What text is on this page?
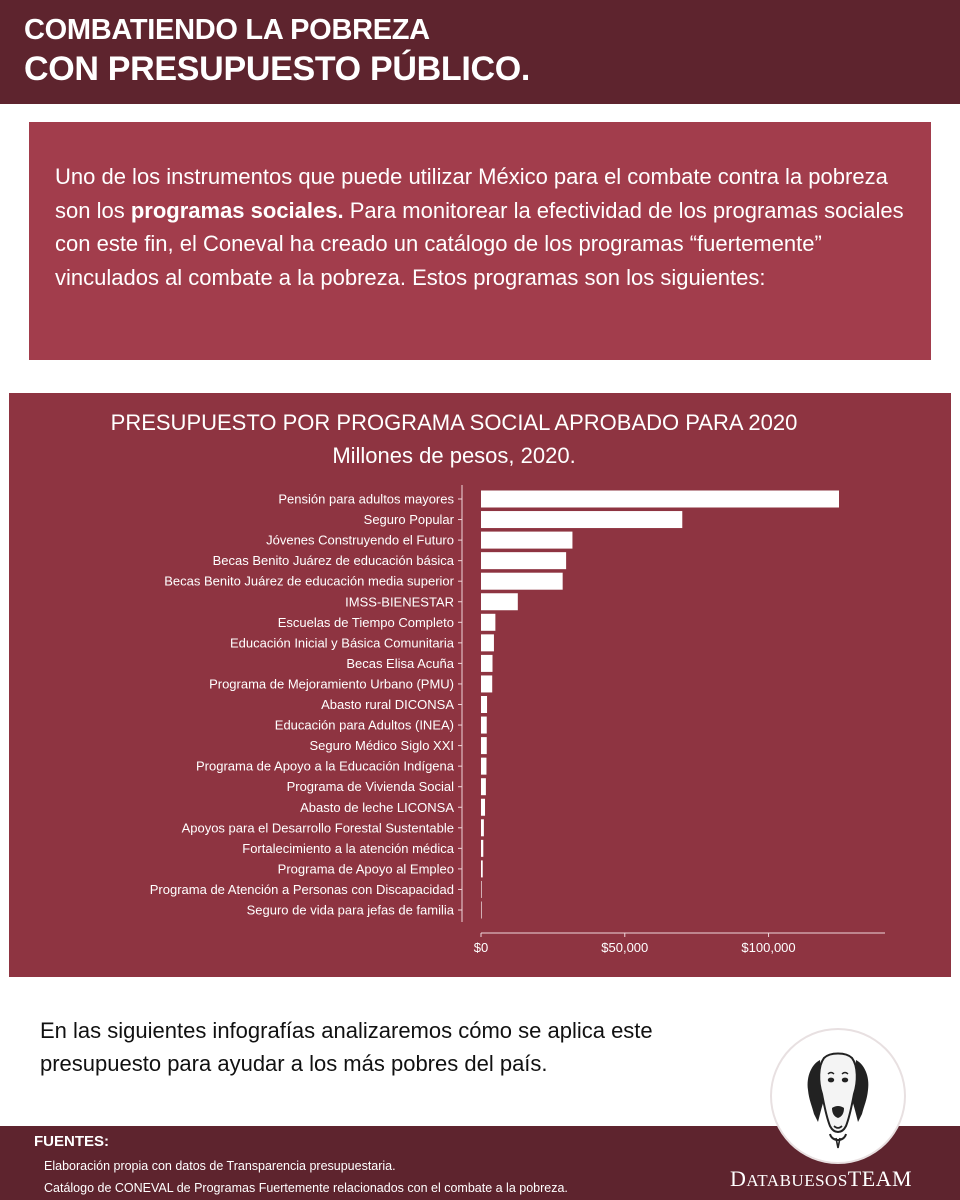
COMBATIENDO LA POBREZA
CON PRESUPUESTO PÚBLICO.

Uno de los instrumentos que puede utilizar México para el combate contra la pobreza son los programas sociales. Para monitorear la efectividad de los programas sociales con este fin, el Coneval ha creado un catálogo de los programas “fuertemente” vinculados al combate a la pobreza. Estos programas son los siguientes:

PRESUPUESTO POR PROGRAMA SOCIAL APROBADO PARA 2020
Millones de pesos, 2020.
Pensión para adultos mayores
Seguro Popular
Jóvenes Construyendo el Futuro
Becas Benito Juárez de educación básica
Becas Benito Juárez de educación media superior
IMSS-BIENESTAR
Escuelas de Tiempo Completo
Educación Inicial y Básica Comunitaria
Becas Elisa Acuña
Programa de Mejoramiento Urbano (PMU)
Abasto rural DICONSA
Educación para Adultos (INEA)
Seguro Médico Siglo XXI
Programa de Apoyo a la Educación Indígena
Programa de Vivienda Social
Abasto de leche LICONSA
Apoyos para el Desarrollo Forestal Sustentable
Fortalecimiento a la atención médica
Programa de Apoyo al Empleo
Programa de Atención a Personas con Discapacidad
Seguro de vida para jefas de familia
$0	$50,000	$100,000
En las siguientes infografías analizaremos cómo se aplica este presupuesto para ayudar a los más pobres del país.
FUENTES:
Elaboración propia con datos de Transparencia presupuestaria.
Catálogo de CONEVAL de Programas Fuertemente relacionados con el combate a la pobreza.	DATABUESOSTEAM
